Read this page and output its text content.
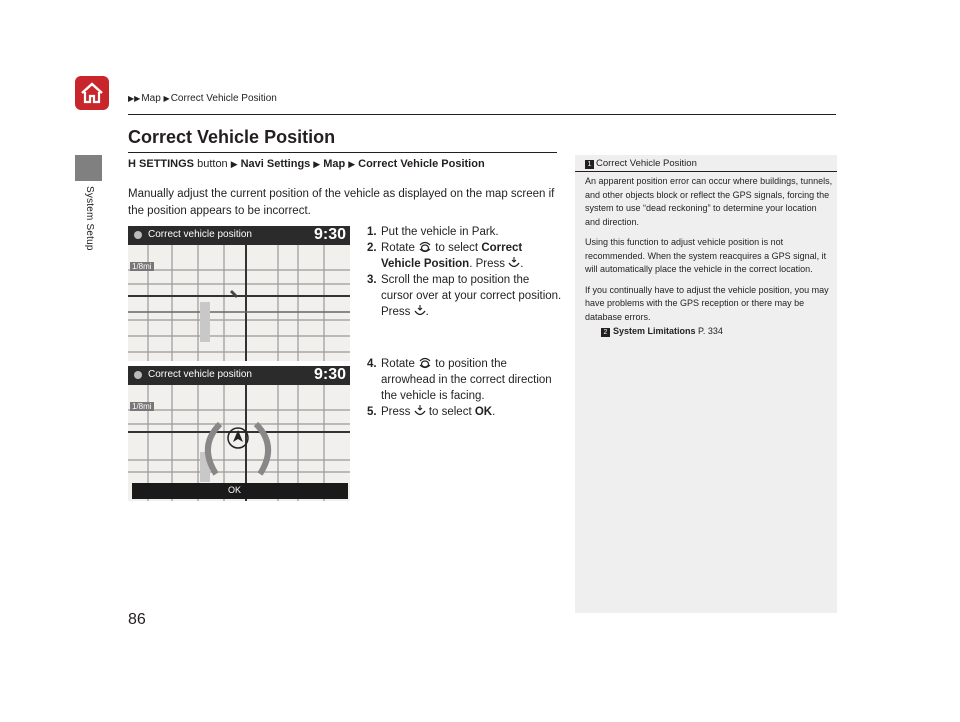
▶▶Map ▶Correct Vehicle Position
System Setup
Correct Vehicle Position
H SETTINGS button ▶ Navi Settings ▶ Map ▶ Correct Vehicle Position
Manually adjust the current position of the vehicle as displayed on the map screen if the position appears to be incorrect.
1. Put the vehicle in Park.
2. Rotate to select Correct Vehicle Position. Press .
3. Scroll the map to position the cursor over at your correct position. Press .
4. Rotate to position the arrowhead in the correct direction the vehicle is facing.
5. Press to select OK.
Correct vehicle position	9:30
1/8mi
Correct vehicle position	9:30
1/8mi
OK
1 Correct Vehicle Position

An apparent position error can occur where buildings, tunnels, and other objects block or reflect the GPS signals, forcing the system to use “dead reckoning” to determine your location and direction.

Using this function to adjust vehicle position is not recommended. When the system reacquires a GPS signal, it will automatically place the vehicle in the correct location.

If you continually have to adjust the vehicle position, you may have problems with the GPS reception or there may be database errors.

2 System Limitations P. 334
86
